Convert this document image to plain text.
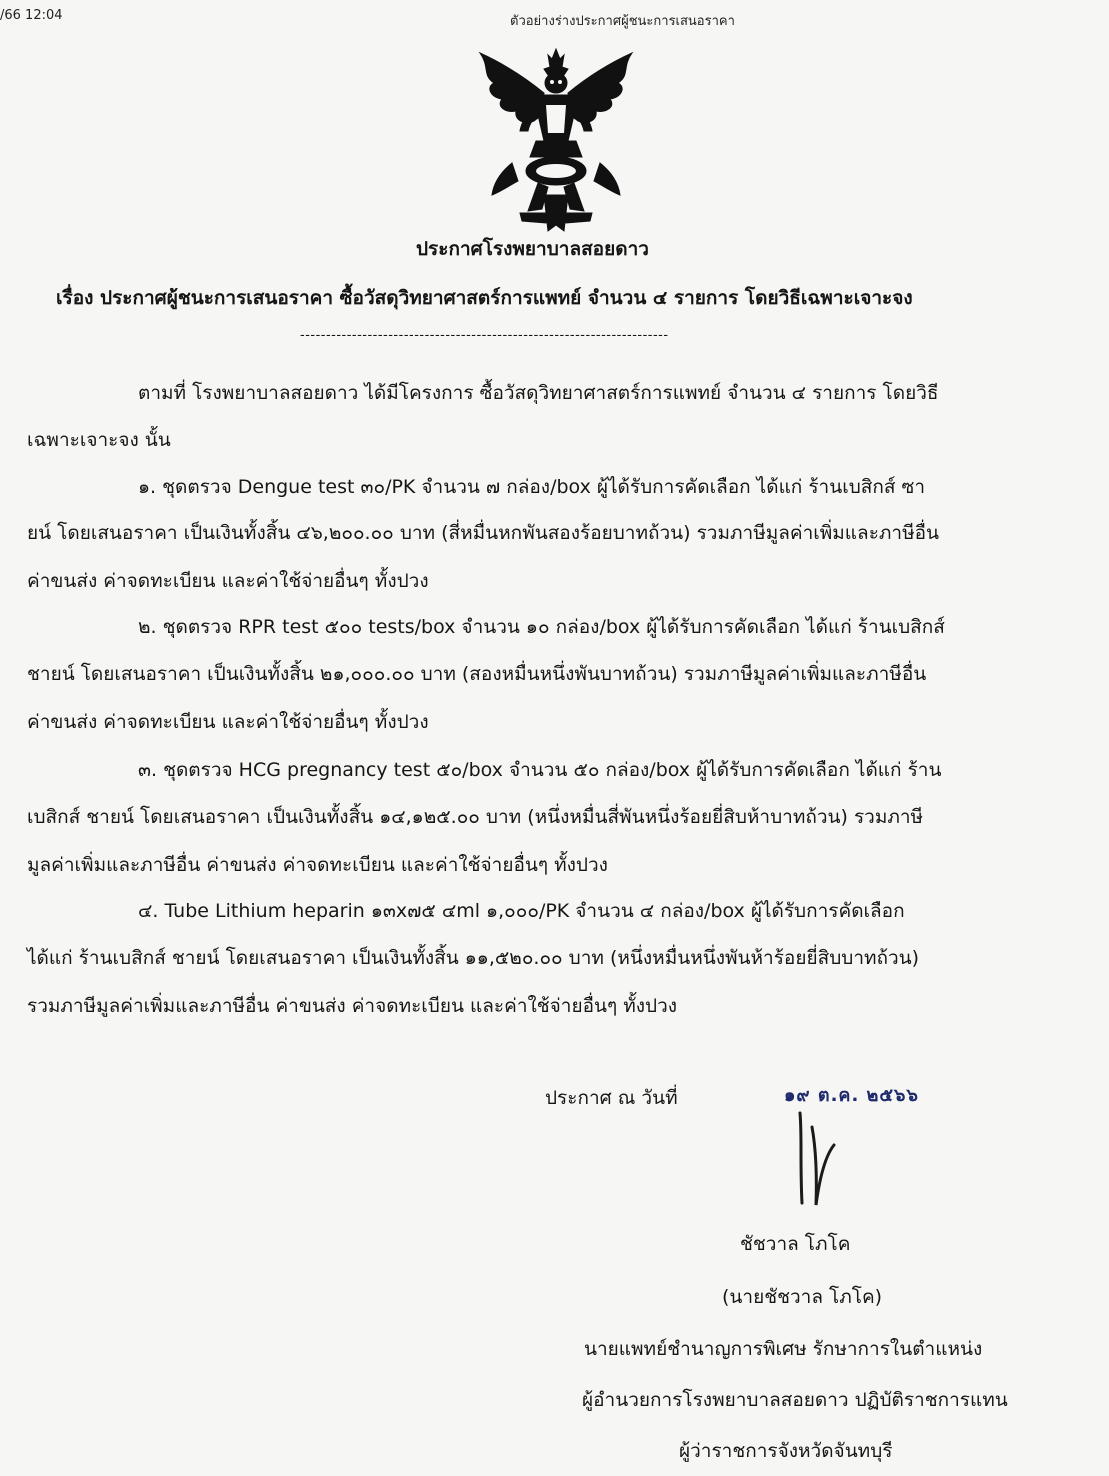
/66 12:04	ตัวอย่างร่างประกาศผู้ชนะการเสนอราคา
ประกาศโรงพยาบาลสอยดาว
เรื่อง ประกาศผู้ชนะการเสนอราคา ซื้อวัสดุวิทยาศาสตร์การแพทย์ จำนวน ๔ รายการ โดยวิธีเฉพาะเจาะจง
-----------------------------------------------------------------------
ตามที่ โรงพยาบาลสอยดาว ได้มีโครงการ ซื้อวัสดุวิทยาศาสตร์การแพทย์ จำนวน ๔ รายการ โดยวิธี
เฉพาะเจาะจง นั้น
๑. ชุดตรวจ Dengue test ๓๐/PK จำนวน ๗ กล่อง/box ผู้ได้รับการคัดเลือก ได้แก่ ร้านเบสิกส์ ซา
ยน์ โดยเสนอราคา เป็นเงินทั้งสิ้น ๔๖,๒๐๐.๐๐ บาท (สี่หมื่นหกพันสองร้อยบาทถ้วน) รวมภาษีมูลค่าเพิ่มและภาษีอื่น
ค่าขนส่ง ค่าจดทะเบียน และค่าใช้จ่ายอื่นๆ ทั้งปวง
๒. ชุดตรวจ RPR test ๕๐๐ tests/box จำนวน ๑๐ กล่อง/box ผู้ได้รับการคัดเลือก ได้แก่ ร้านเบสิกส์
ชายน์ โดยเสนอราคา เป็นเงินทั้งสิ้น ๒๑,๐๐๐.๐๐ บาท (สองหมื่นหนึ่งพันบาทถ้วน) รวมภาษีมูลค่าเพิ่มและภาษีอื่น
ค่าขนส่ง ค่าจดทะเบียน และค่าใช้จ่ายอื่นๆ ทั้งปวง
๓. ชุดตรวจ HCG pregnancy test ๕๐/box จำนวน ๕๐ กล่อง/box ผู้ได้รับการคัดเลือก ได้แก่ ร้าน
เบสิกส์ ชายน์ โดยเสนอราคา เป็นเงินทั้งสิ้น ๑๔,๑๒๕.๐๐ บาท (หนึ่งหมื่นสี่พันหนึ่งร้อยยี่สิบห้าบาทถ้วน) รวมภาษี
มูลค่าเพิ่มและภาษีอื่น ค่าขนส่ง ค่าจดทะเบียน และค่าใช้จ่ายอื่นๆ ทั้งปวง
๔. Tube Lithium heparin ๑๓x๗๕ ๔ml ๑,๐๐๐/PK จำนวน ๔ กล่อง/box ผู้ได้รับการคัดเลือก
ได้แก่ ร้านเบสิกส์ ชายน์ โดยเสนอราคา เป็นเงินทั้งสิ้น ๑๑,๕๒๐.๐๐ บาท (หนึ่งหมื่นหนึ่งพันห้าร้อยยี่สิบบาทถ้วน)
รวมภาษีมูลค่าเพิ่มและภาษีอื่น ค่าขนส่ง ค่าจดทะเบียน และค่าใช้จ่ายอื่นๆ ทั้งปวง
ประกาศ ณ วันที่	๑๙ ต.ค. ๒๕๖๖
ชัชวาล โภโค
(นายชัชวาล โภโค)
นายแพทย์ชำนาญการพิเศษ รักษาการในตำแหน่ง
ผู้อำนวยการโรงพยาบาลสอยดาว ปฏิบัติราชการแทน
ผู้ว่าราชการจังหวัดจันทบุรี
